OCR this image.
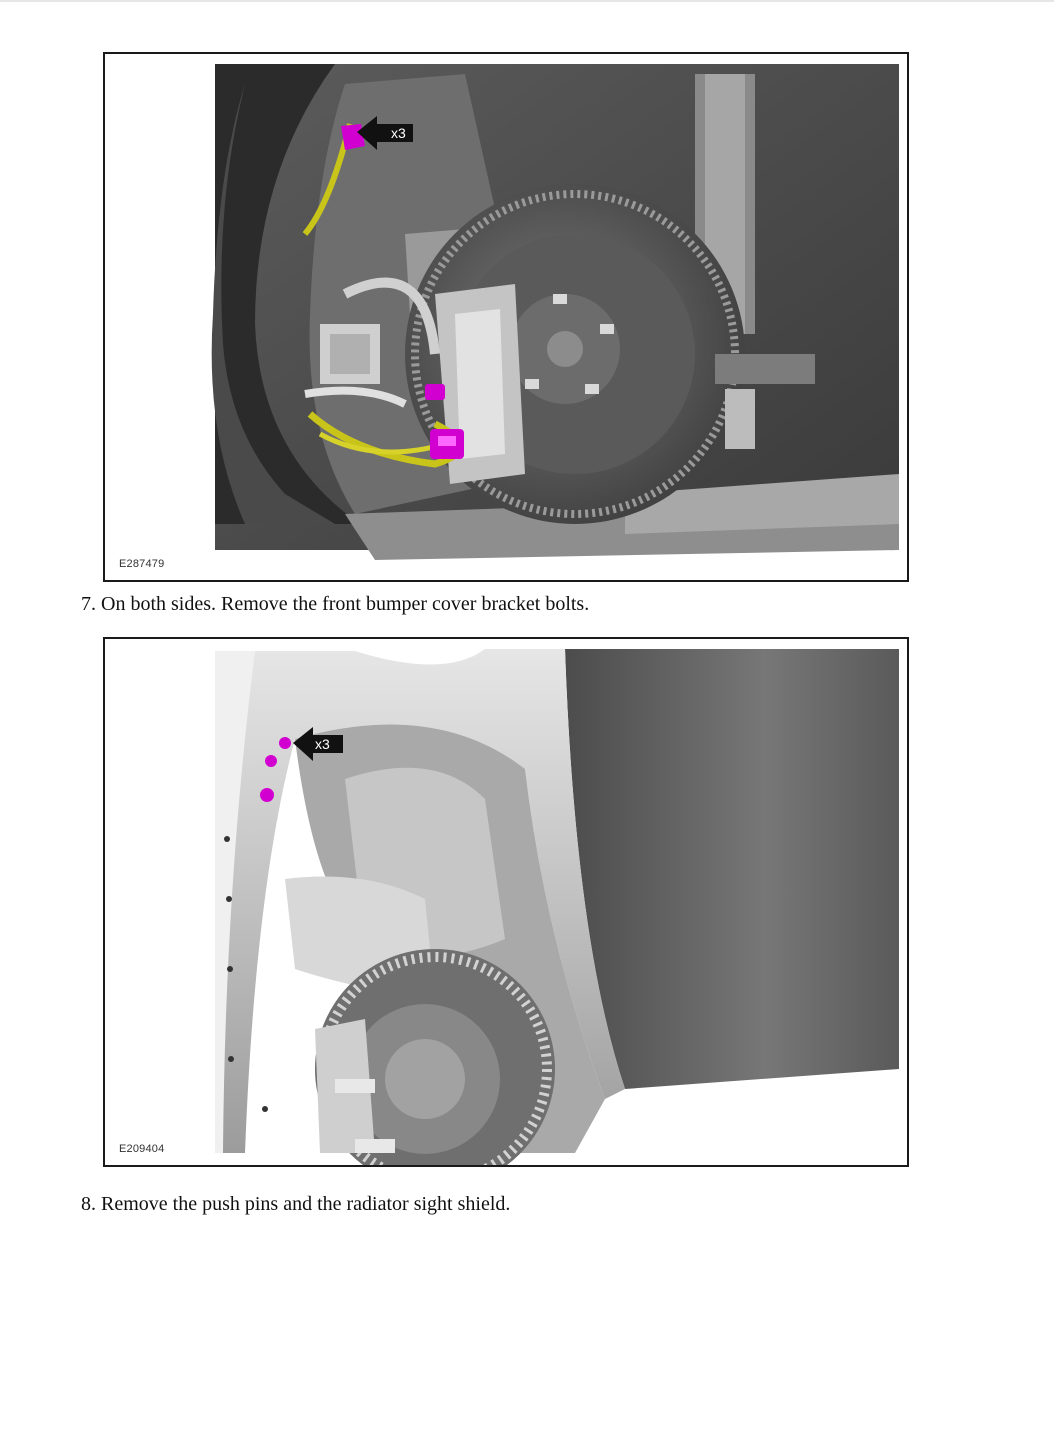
x3
E287479
7. On both sides. Remove the front bumper cover bracket bolts.
x3
E209404
8. Remove the push pins and the radiator sight shield.
